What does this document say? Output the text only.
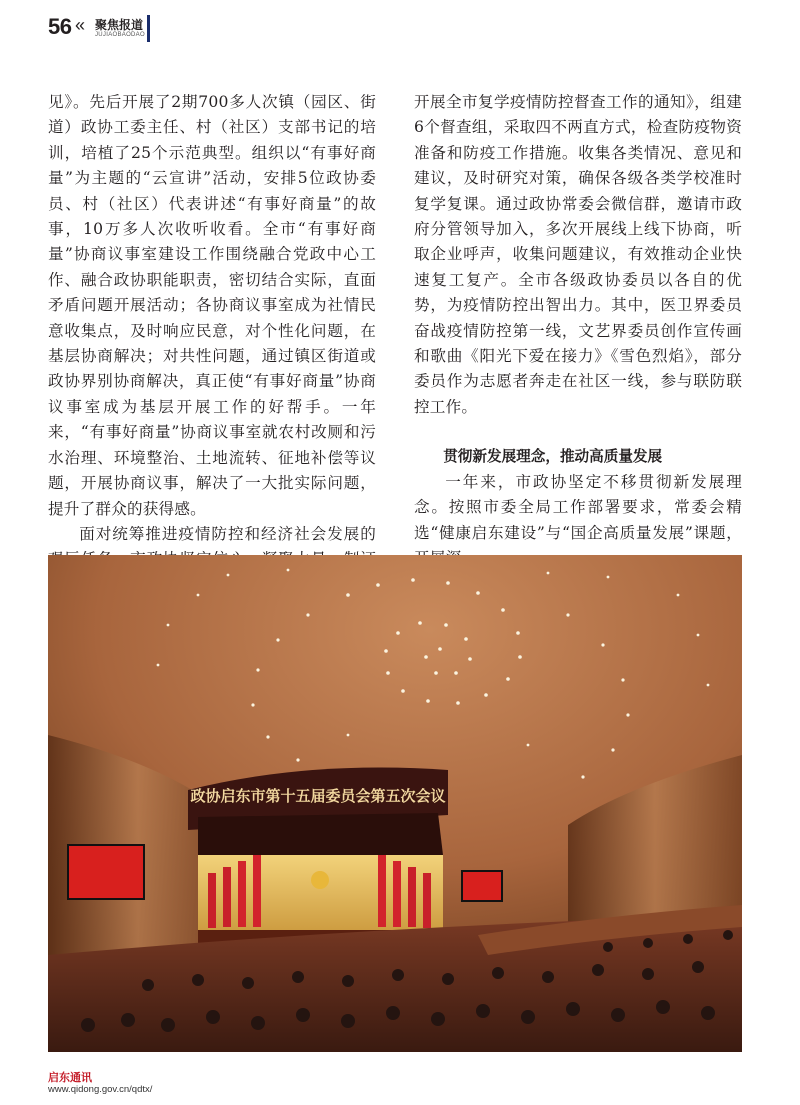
56 « 聚焦报道
JUJIAOBAODAO

见》。先后开展了2期700多人次镇（园区、街道）政协工委主任、村（社区）支部书记的培训，培植了25个示范典型。组织以“有事好商量”为主题的“云宣讲”活动，安排5位政协委员、村（社区）代表讲述“有事好商量”的故事，10万多人次收听收看。全市“有事好商量”协商议事室建设工作围绕融合党政中心工作、融合政协职能职责，密切结合实际，直面矛盾问题开展活动；各协商议事室成为社情民意收集点，及时响应民意，对个性化问题，在基层协商解决；对共性问题，通过镇区街道或政协界别协商解决，真正使“有事好商量”协商议事室成为基层开展工作的好帮手。一年来，“有事好商量”协商议事室就农村改厕和污水治理、环境整治、土地流转、征地补偿等议题，开展协商议事，解决了一大批实际问题，提升了群众的获得感。

面对统筹推进疫情防控和经济社会发展的

开展全市复学疫情防控督查工作的通知》，组建6个督查组，采取四不两直方式，检查防疫物资准备和防疫工作措施。收集各类情况、意见和建议，及时研究对策，确保各级各类学校准时复学复课。通过政协常委会微信群，邀请市政府分管领导加入，多次开展线上线下协商，听取企业呼声，收集问题建议，有效推动企业快速复工复产。全市各级政协委员以各自的优势，为疫情防控出智出力。其中，医卫界委员奋战疫情防控第一线，文艺界委员创作宣传画和歌曲《阳光下爱在接力》《雪色烈焰》，部分委员作为志愿者奔走在社区一线，参与联防联控工作。

贯彻新发展理念，推动高质量发展

一年来，市政协坚定不移贯彻新发展理念。按照市委全局工作部署要求，常委会精选“健康启东建设”与“国企高质量发展”课题，

政协启东市第十五届委员会第五次会议
启东通讯
www.qidong.gov.cn/qdtx/
